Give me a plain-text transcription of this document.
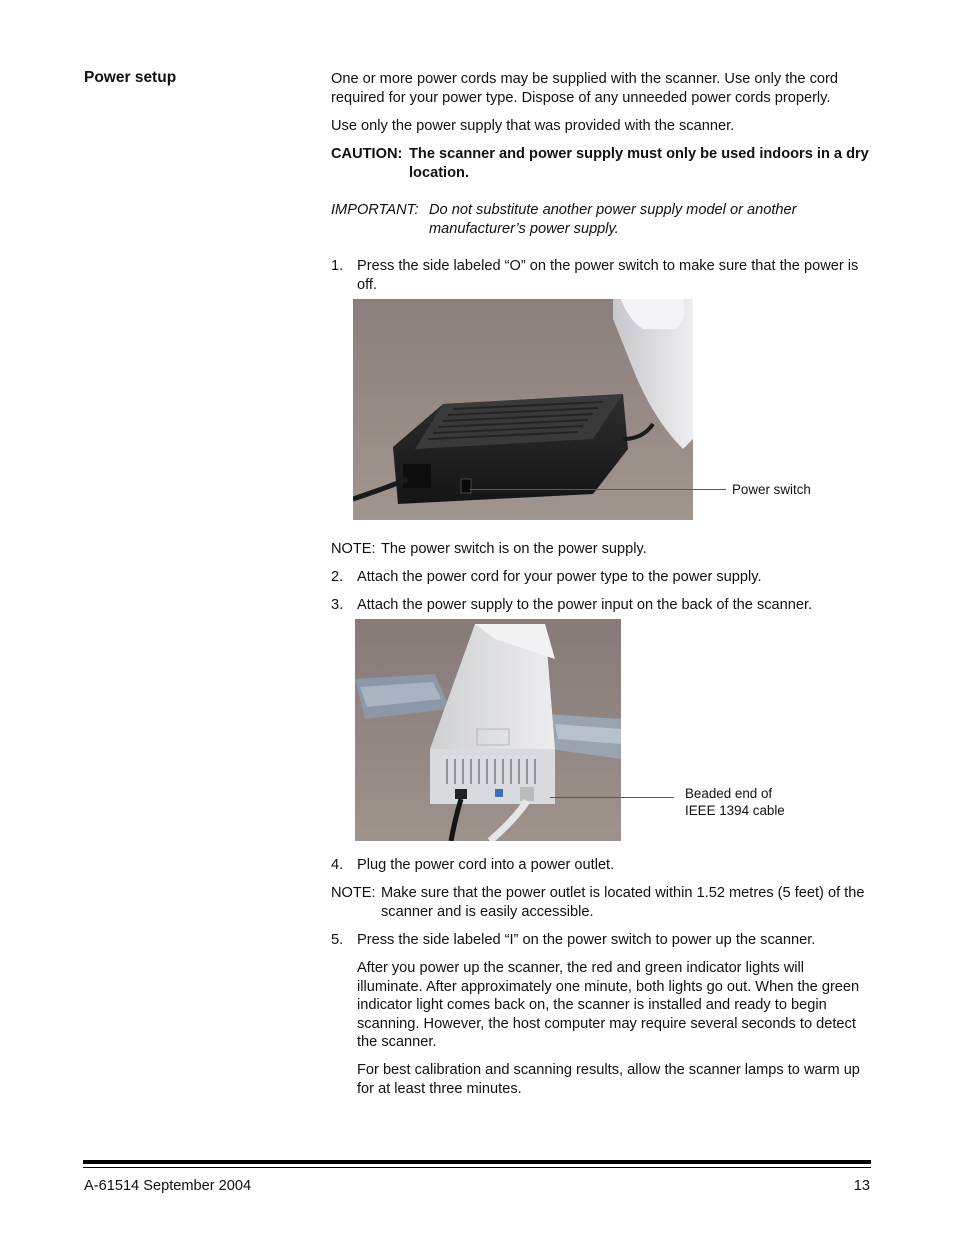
Power setup	One or more power cords may be supplied with the scanner. Use only the cord required for your power type. Dispose of any unneeded power cords properly.
Use only the power supply that was provided with the scanner.
CAUTION: The scanner and power supply must only be used indoors in a dry location.
IMPORTANT: Do not substitute another power supply model or another manufacturer’s power supply.
1. Press the side labeled “O” on the power switch to make sure that the power is off.
Power switch
NOTE: The power switch is on the power supply.
2. Attach the power cord for your power type to the power supply.
3. Attach the power supply to the power input on the back of the scanner.
Beaded end of
IEEE 1394 cable
4. Plug the power cord into a power outlet.
NOTE: Make sure that the power outlet is located within 1.52 metres (5 feet) of the scanner and is easily accessible.
5. Press the side labeled “I” on the power switch to power up the scanner.
After you power up the scanner, the red and green indicator lights will illuminate. After approximately one minute, both lights go out. When the green indicator light comes back on, the scanner is installed and ready to begin scanning. However, the host computer may require several seconds to detect the scanner.
For best calibration and scanning results, allow the scanner lamps to warm up for at least three minutes.
A-61514 September 2004	13
